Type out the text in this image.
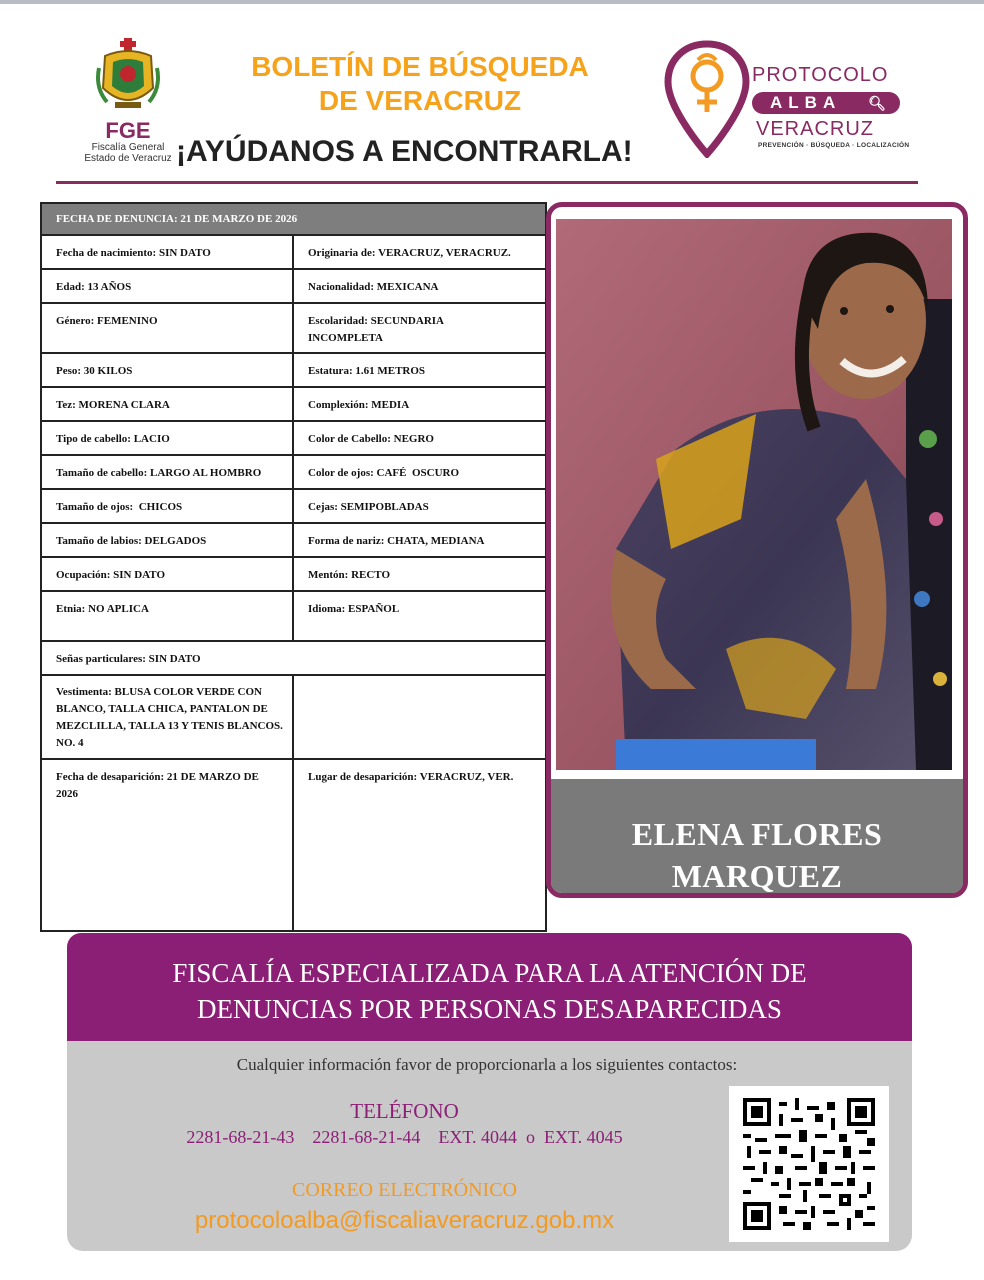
FGE
Fiscalía General
Estado de Veracruz
BOLETÍN DE BÚSQUEDA
DE VERACRUZ
¡AYÚDANOS A ENCONTRARLA!
PROTOCOLO
ALBA 🔍︎
VERACRUZ
PREVENCIÓN · BÚSQUEDA · LOCALIZACIÓN
FECHA DE DENUNCIA: 21 DE MARZO DE 2026
Fecha de nacimiento: SIN DATO	Originaria de: VERACRUZ, VERACRUZ.
Edad: 13 AÑOS	Nacionalidad: MEXICANA
Género: FEMENINO	Escolaridad: SECUNDARIA INCOMPLETA
Peso: 30 KILOS	Estatura: 1.61 METROS
Tez: MORENA CLARA	Complexión: MEDIA
Tipo de cabello: LACIO	Color de Cabello: NEGRO
Tamaño de cabello: LARGO AL HOMBRO	Color de ojos: CAFÉ  OSCURO
Tamaño de ojos:  CHICOS	Cejas: SEMIPOBLADAS
Tamaño de labios: DELGADOS	Forma de nariz: CHATA, MEDIANA
Ocupación: SIN DATO	Mentón: RECTO
Etnia: NO APLICA	Idioma: ESPAÑOL
Señas particulares: SIN DATO
Vestimenta: BLUSA COLOR VERDE CON BLANCO, TALLA CHICA, PANTALON DE MEZCLILLA, TALLA 13 Y TENIS BLANCOS. NO. 4
Fecha de desaparición: 21 DE MARZO DE 2026
Lugar de desaparición: VERACRUZ, VER.
ELENA FLORES
MARQUEZ
FISCALÍA ESPECIALIZADA PARA LA ATENCIÓN DE
DENUNCIAS POR PERSONAS DESAPARECIDAS
Cualquier información favor de proporcionarla a los siguientes contactos:
TELÉFONO
2281-68-21-43    2281-68-21-44    EXT. 4044  o  EXT. 4045
CORREO ELECTRÓNICO
protocoloalba@fiscaliaveracruz.gob.mx
